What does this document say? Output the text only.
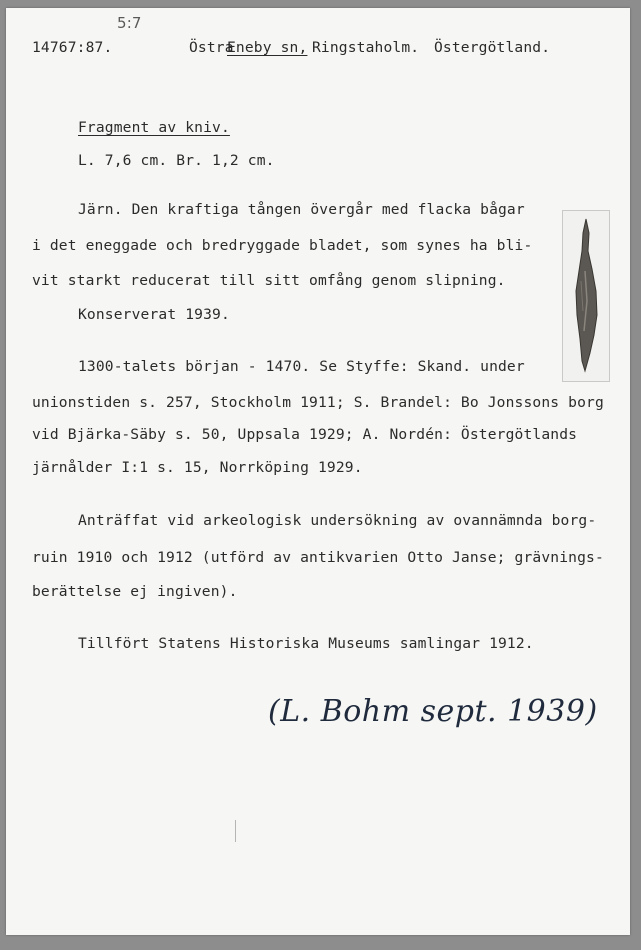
5:7
14767:87.	Östra
Eneby sn, Ringstaholm. Östergötland.
Fragment av kniv.
L. 7,6 cm. Br. 1,2 cm.
Järn. Den kraftiga tången övergår med flacka bågar
i det eneggade och bredryggade bladet, som synes ha bli-
vit starkt reducerat till sitt omfång genom slipning.
Konserverat 1939.
1300-talets början - 1470. Se Styffe: Skand. under
unionstiden s. 257, Stockholm 1911; S. Brandel: Bo Jonssons borg
vid Bjärka-Säby s. 50, Uppsala 1929; A. Nordén: Östergötlands
järnålder I:1 s. 15, Norrköping 1929.
Anträffat vid arkeologisk undersökning av ovannämnda borg-
ruin 1910 och 1912 (utförd av antikvarien Otto Janse; grävnings-
berättelse ej ingiven).
Tillfört Statens Historiska Museums samlingar 1912.
(L. Bohm sept. 1939)
